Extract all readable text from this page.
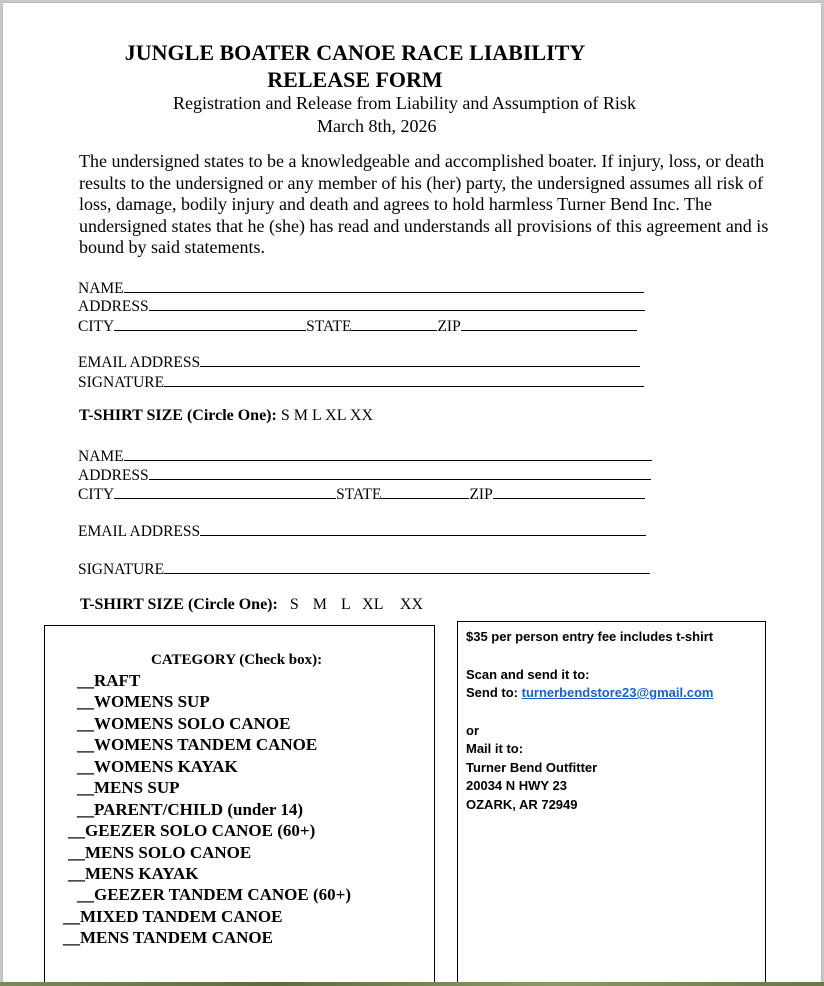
JUNGLE BOATER CANOE RACE LIABILITY
RELEASE FORM
Registration and Release from Liability and Assumption of Risk
March 8th, 2026
The undersigned states to be a knowledgeable and accomplished boater. If injury, loss, or death results to the undersigned or any member of his (her) party, the undersigned assumes all risk of loss, damage, bodily injury and death and agrees to hold harmless Turner Bend Inc. The undersigned states that he (she) has read and understands all provisions of this agreement and is bound by said statements.
NAME
ADDRESS
CITY	STATE	ZIP
EMAIL ADDRESS
SIGNATURE
T-SHIRT SIZE (Circle One): S M L XL XX
NAME
ADDRESS
CITY	STATE	ZIP
EMAIL ADDRESS
SIGNATURE
T-SHIRT SIZE (Circle One): S M L XL XX
CATEGORY (Check box):
__RAFT
__WOMENS SUP
__WOMENS SOLO CANOE
__WOMENS TANDEM CANOE
__WOMENS KAYAK
__MENS SUP
__PARENT/CHILD (under 14)
__GEEZER SOLO CANOE (60+)
__MENS SOLO CANOE
__MENS KAYAK
__GEEZER TANDEM CANOE (60+)
__MIXED TANDEM CANOE
__MENS TANDEM CANOE
$35 per person entry fee includes t-shirt
Scan and send it to:
Send to: turnerbendstore23@gmail.com
or
Mail it to:
Turner Bend Outfitter
20034 N HWY 23
OZARK, AR 72949
